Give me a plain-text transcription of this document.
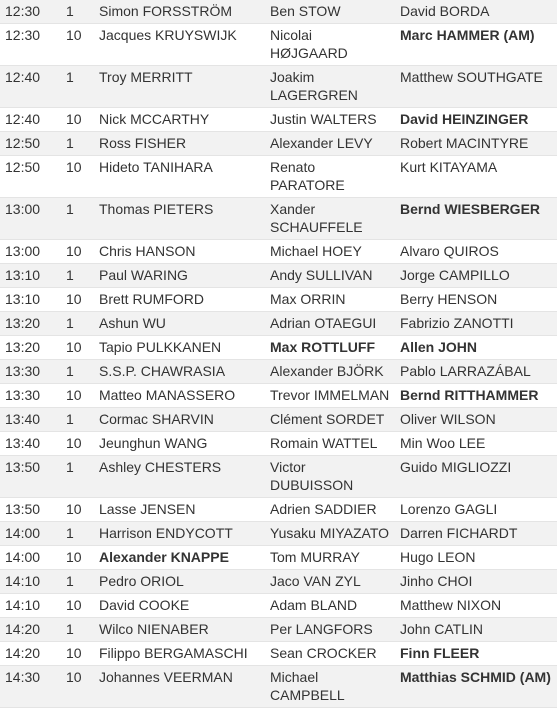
12:30	1	Simon FORSSTRÖM	Ben STOW	David BORDA
12:30	10	Jacques KRUYSWIJK	Nicolai HØJGAARD	Marc HAMMER (AM)
12:40	1	Troy MERRITT	Joakim LAGERGREN	Matthew SOUTHGATE
12:40	10	Nick MCCARTHY	Justin WALTERS	David HEINZINGER
12:50	1	Ross FISHER	Alexander LEVY	Robert MACINTYRE
12:50	10	Hideto TANIHARA	Renato PARATORE	Kurt KITAYAMA
13:00	1	Thomas PIETERS	Xander SCHAUFFELE	Bernd WIESBERGER
13:00	10	Chris HANSON	Michael HOEY	Alvaro QUIROS
13:10	1	Paul WARING	Andy SULLIVAN	Jorge CAMPILLO
13:10	10	Brett RUMFORD	Max ORRIN	Berry HENSON
13:20	1	Ashun WU	Adrian OTAEGUI	Fabrizio ZANOTTI
13:20	10	Tapio PULKKANEN	Max ROTTLUFF	Allen JOHN
13:30	1	S.S.P. CHAWRASIA	Alexander BJÖRK	Pablo LARRAZÁBAL
13:30	10	Matteo MANASSERO	Trevor IMMELMAN	Bernd RITTHAMMER
13:40	1	Cormac SHARVIN	Clément SORDET	Oliver WILSON
13:40	10	Jeunghun WANG	Romain WATTEL	Min Woo LEE
13:50	1	Ashley CHESTERS	Victor DUBUISSON	Guido MIGLIOZZI
13:50	10	Lasse JENSEN	Adrien SADDIER	Lorenzo GAGLI
14:00	1	Harrison ENDYCOTT	Yusaku MIYAZATO	Darren FICHARDT
14:00	10	Alexander KNAPPE	Tom MURRAY	Hugo LEON
14:10	1	Pedro ORIOL	Jaco VAN ZYL	Jinho CHOI
14:10	10	David COOKE	Adam BLAND	Matthew NIXON
14:20	1	Wilco NIENABER	Per LANGFORS	John CATLIN
14:20	10	Filippo BERGAMASCHI	Sean CROCKER	Finn FLEER
14:30	10	Johannes VEERMAN	Michael CAMPBELL	Matthias SCHMID (AM)
